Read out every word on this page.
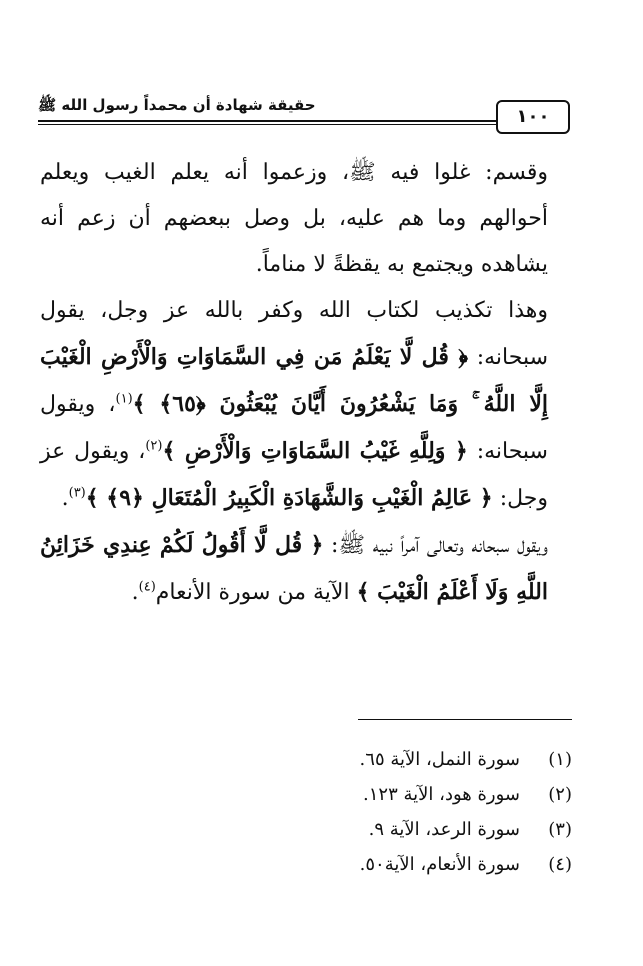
حقيقة شهادة أن محمداً رسول الله ﷺ
١٠٠

وقسم: غلوا فيه ﷺ، وزعموا أنه يعلم الغيب ويعلم أحوالهم وما هم عليه، بل وصل ببعضهم أن زعم أنه يشاهده ويجتمع به يقظةً لا مناماً.

وهذا تكذيب لكتاب الله وكفر بالله عز وجل، يقول سبحانه: ﴿ قُل لَّا يَعْلَمُ مَن فِي السَّمَاوَاتِ وَالْأَرْضِ الْغَيْبَ إِلَّا اللَّهُ ۚ وَمَا يَشْعُرُونَ أَيَّانَ يُبْعَثُونَ ﴿٦٥﴾ ﴾$^{(١)}$، ويقول سبحانه: ﴿ وَلِلَّهِ غَيْبُ السَّمَاوَاتِ وَالْأَرْضِ ﴾$^{(٢)}$، ويقول عز وجل: ﴿ عَالِمُ الْغَيْبِ وَالشَّهَادَةِ الْكَبِيرُ الْمُتَعَالِ ﴿٩﴾ ﴾$^{(٣)}$.

ويقول سبحانه وتعالى آمراً نبيه ﷺ: ﴿ قُل لَّا أَقُولُ لَكُمْ عِندِي خَزَائِنُ اللَّهِ وَلَا أَعْلَمُ الْغَيْبَ ﴾ الآية من سورة الأنعام$^{(٤)}$.

(١)
سورة النمل، الآية ٦٥.
(٢)
سورة هود، الآية ١٢٣.
(٣)
سورة الرعد، الآية ٩.
(٤)
سورة الأنعام، الآية٥٠.
